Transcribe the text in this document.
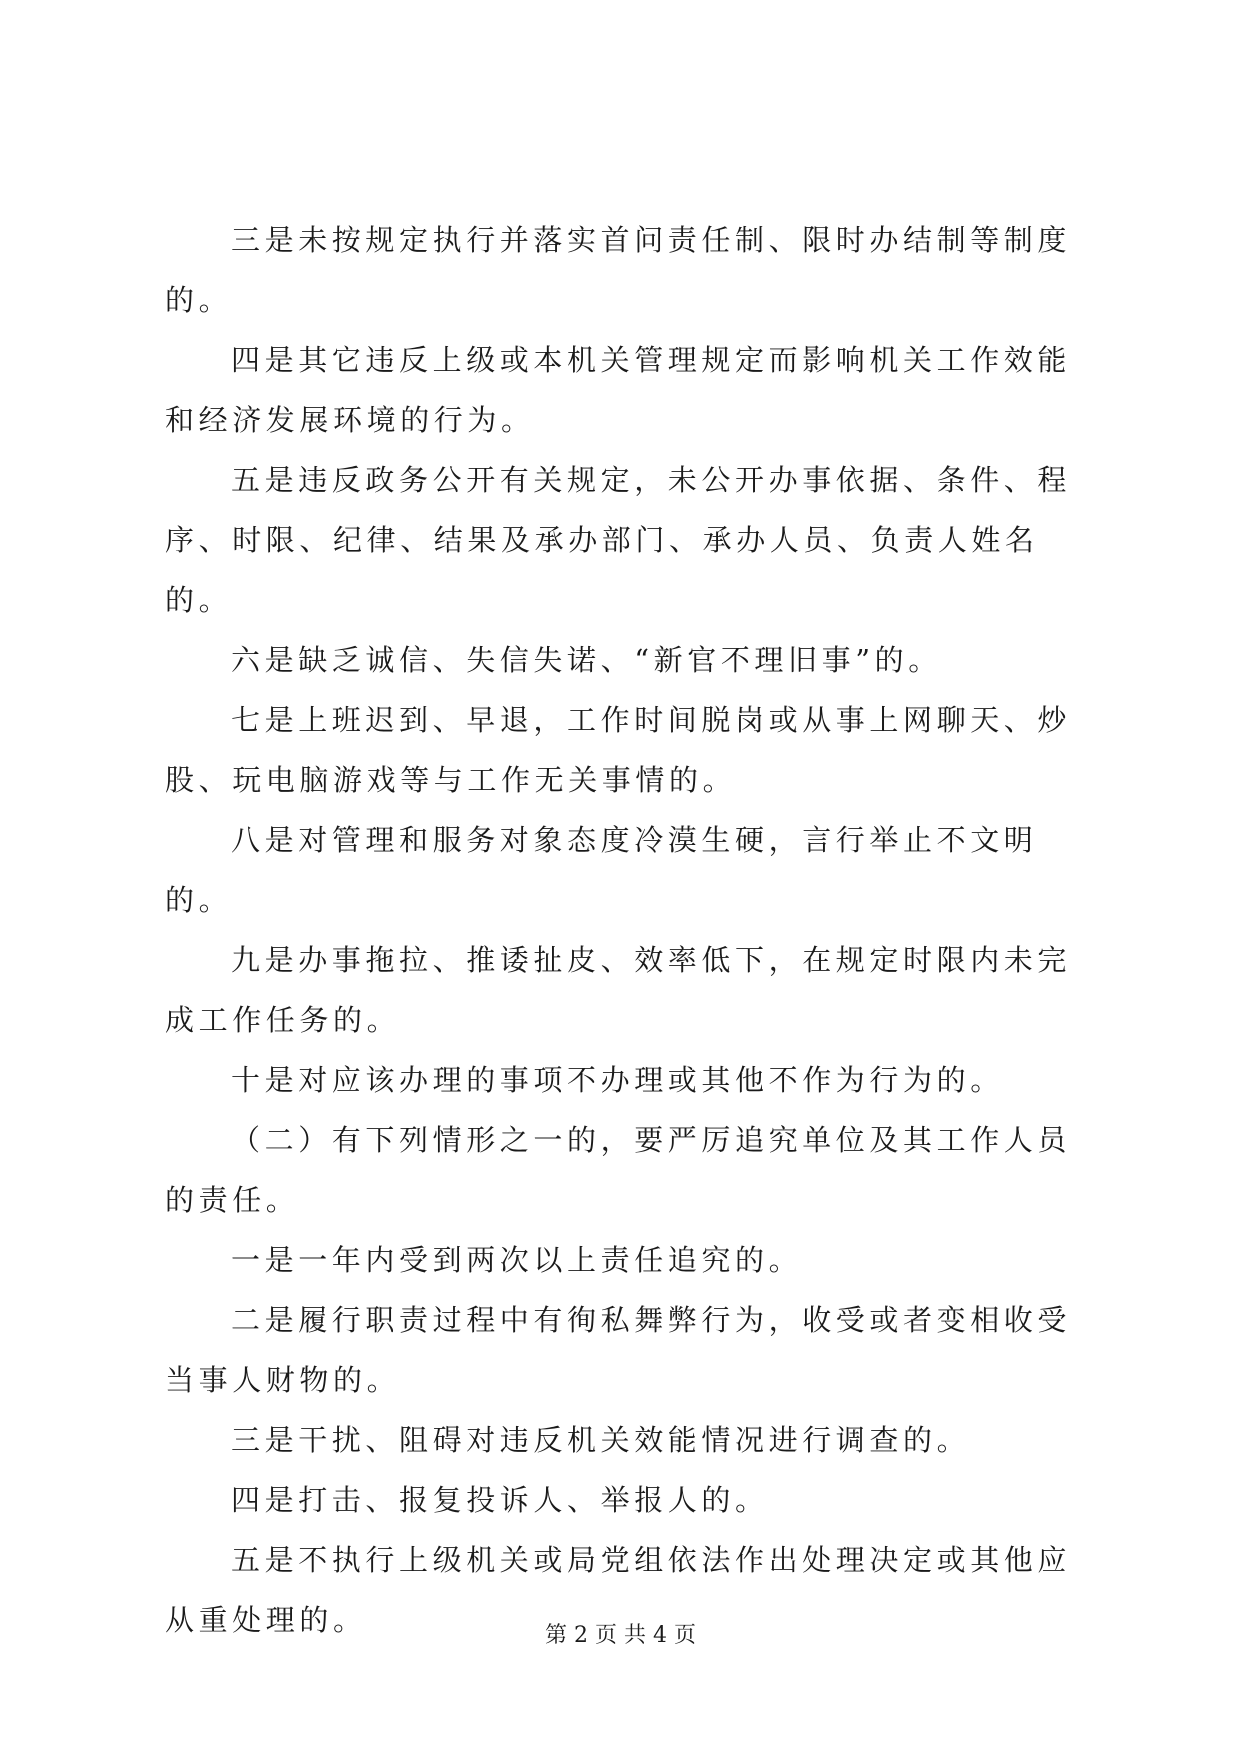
三是未按规定执行并落实首问责任制、限时办结制等制度的。

四是其它违反上级或本机关管理规定而影响机关工作效能和经济发展环境的行为。

五是违反政务公开有关规定，未公开办事依据、条件、程序、时限、纪律、结果及承办部门、承办人员、负责人姓名的。

六是缺乏诚信、失信失诺、“新官不理旧事”的。

七是上班迟到、早退，工作时间脱岗或从事上网聊天、炒股、玩电脑游戏等与工作无关事情的。

八是对管理和服务对象态度冷漠生硬，言行举止不文明的。

九是办事拖拉、推诿扯皮、效率低下，在规定时限内未完成工作任务的。

十是对应该办理的事项不办理或其他不作为行为的。

（二）有下列情形之一的，要严厉追究单位及其工作人员的责任。

一是一年内受到两次以上责任追究的。

二是履行职责过程中有徇私舞弊行为，收受或者变相收受当事人财物的。

三是干扰、阻碍对违反机关效能情况进行调查的。

四是打击、报复投诉人、举报人的。

五是不执行上级机关或局党组依法作出处理决定或其他应从重处理的。	第 2 页 共 4 页
